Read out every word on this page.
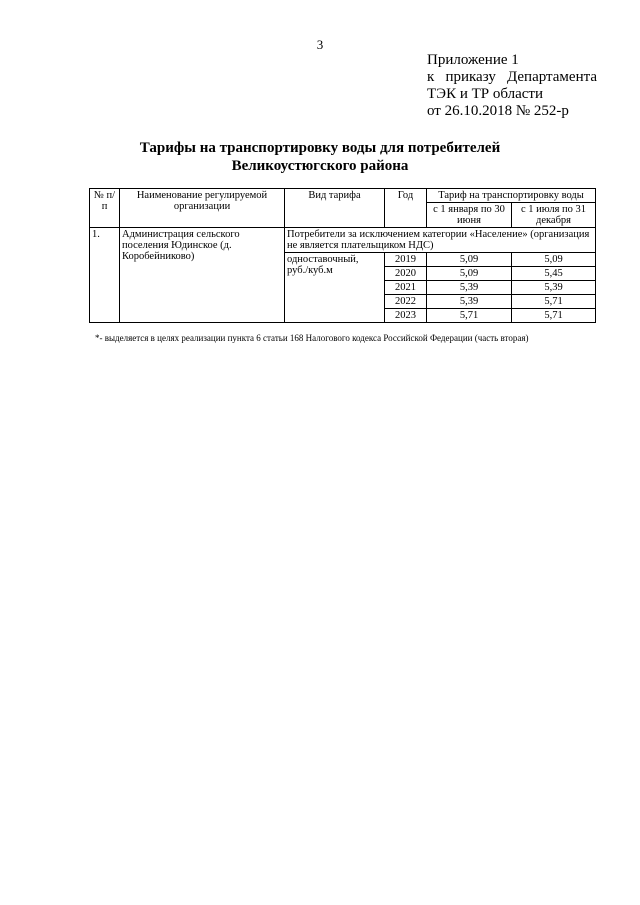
3
Приложение 1
к приказу Департамента
ТЭК и ТР области
от 26.10.2018 № 252-р
Тарифы на транспортировку воды для потребителей
Великоустюгского района
№ п/п	Наименование регулируемой организации	Вид тарифа	Год	Тариф на транспортировку воды	
				с 1 января по 30 июня	с 1 июля по 31 декабря
1.	Администрация сельского поселения Юдинское (д. Коробейниково)	Потребители за исключением категории «Население» (организация не является плательщиком НДС)			
		одноставочный, руб./куб.м	2019	5,09	5,09
			2020	5,09	5,45
			2021	5,39	5,39
			2022	5,39	5,71
			2023	5,71	5,71
*- выделяется в целях реализации пункта 6 статьи 168 Налогового кодекса Российской Федерации (часть вторая)
